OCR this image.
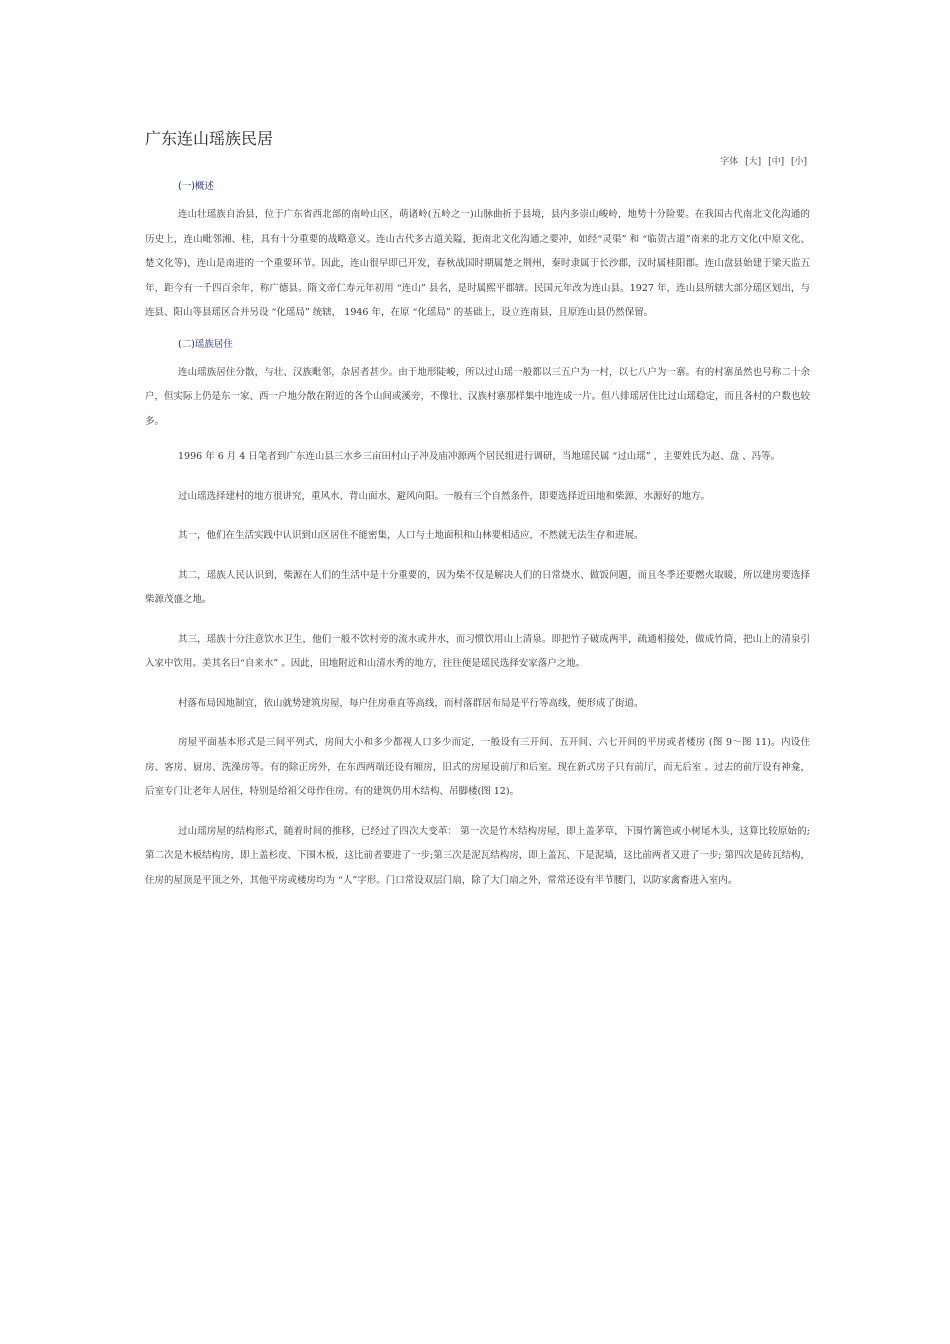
广东连山瑶族民居
字体 [大] [中] [小]
(一)概述

连山壮瑶族自治县，位于广东省西北部的南岭山区，萌诸岭(五岭之一)山脉曲折于县境，县内多崇山峻岭，地势十分险要。在我国古代南北文化沟通的历史上，连山毗邻湘、桂，具有十分重要的战略意义。连山古代多古道关隘，扼南北文化沟通之要冲，如经“灵渠” 和 “临贺古道”南来的北方文化(中原文化、楚文化等)，连山是南进的一个重要环节。因此，连山很早即已开发，春秋战国时期属楚之荆州，秦时隶属于长沙郡，汉时属桂阳郡。连山盘县始建于梁天监五年，距今有一千四百余年，称广德县。隋文帝仁寿元年初用 “连山” 县名，是时属熙平郡辖。民国元年改为连山县。1927 年，连山县所辖大部分瑶区划出，与连县、阳山等县瑶区合并另设 “化瑶局” 统辖， 1946 年，在原 “化瑶局” 的基础上，设立连南县，且原连山县仍然保留。

(二)瑶族居住

连山瑶族居住分散，与壮、汉族毗邻，杂居者甚少。由于地形陡峻，所以过山瑶一般都以三五户为一村，以七八户为一寨。有的村寨虽然也号称二十余户，但实际上仍是东一家、西一户地分散在附近的各个山间或溪旁，不像壮、汉族村寨那样集中地连成一片。但八排瑶居住比过山瑶稳定，而且各村的户数也较多。

1996 年 6 月 4 日笔者到广东连山县三水乡三亩田村山子冲及庙冲源两个居民组进行调研，当地瑶民属 “过山瑶” ，主要姓氏为赵、盘 、冯等。

过山瑶选择建村的地方很讲究，重风水、背山面水、避风向阳。一般有三个自然条件，即要选择近田地和柴源、水源好的地方。

其一，他们在生活实践中认识到山区居住不能密集，人口与土地面积和山林要相适应，不然就无法生存和进展。

其二，瑶族人民认识到，柴源在人们的生活中是十分重要的，因为柴不仅是解决人们的日常烧水、做饭问题，而且冬季还要燃火取暖，所以建房要选择柴源茂盛之地。

其三，瑶族十分注意饮水卫生，他们一般不饮村旁的流水或井水，而习惯饮用山上清泉。即把竹子破成两半，疏通相接处，做成竹筒，把山上的清泉引入家中饮用。美其名曰“自来水” 。因此，田地附近和山清水秀的地方，往往便是瑶民选择安家落户之地。

村落布局因地制宜，依山就势建筑房屋，每户住房垂直等高线，而村落群居布局是平行等高线，便形成了街道。

房屋平面基本形式是三间平列式，房间大小和多少都视人口多少而定，一般设有三开间、五开间、六七开间的平房或者楼房 (图 9～图 11)。内设住房、客房、厨房、洗澡房等。有的除正房外，在东西两端还设有厢房，旧式的房屋设前厅和后室。现在新式房子只有前厅，而无后室 。过去的前厅设有神龛，后室专门让老年人居住，特别是给祖父母作住房。有的建筑仍用木结构、吊脚楼(图 12)。

过山瑶房屋的结构形式，随着时间的推移，已经过了四次大变革： 第一次是竹木结构房屋，即上盖茅草，下围竹篱笆或小树尾木头，这算比较原始的; 第二次是木板结构房，即上盖杉皮、下围木板，这比前者要进了一步;第三次是泥瓦结构房，即上盖瓦、下是泥墙，这比前两者又进了一步; 第四次是砖瓦结构，住房的屋顶是平顶之外，其他平房或楼房均为 “人”字形。门口常设双层门扇，除了大门扇之外，常常还设有半节腰门，以防家禽畜进入室内。
